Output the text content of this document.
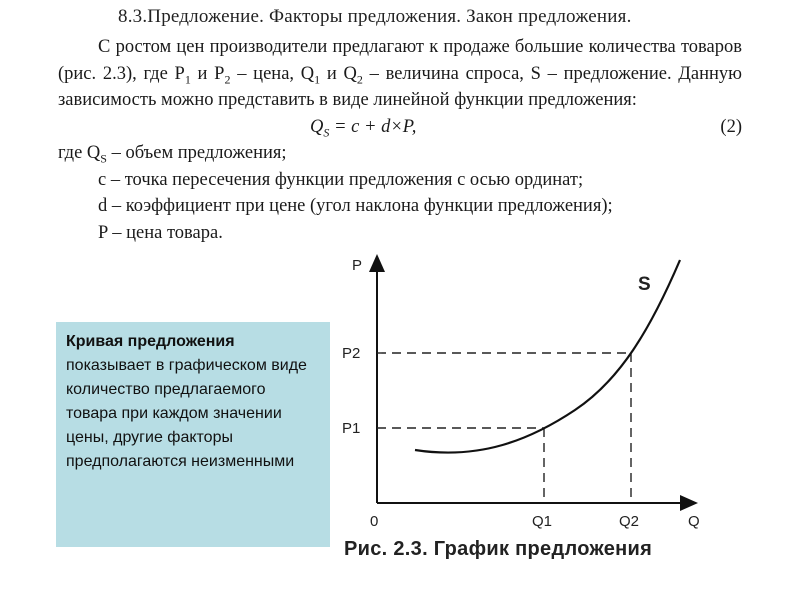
8.3.Предложение. Факторы предложения. Закон предложения.
С ростом цен производители предлагают к продаже большие количества товаров (рис. 2.3), где $P_1$ и $P_2$ – цена, $Q_1$ и $Q_2$ – величина спроса, S – предложение. Данную зависимость можно представить в виде линейной функции предложения:
$Q_S = c + d\times P$,	(2)
где $Q_S$ – объем предложения;
c – точка пересечения функции предложения с осью ординат;
d – коэффициент при цене (угол наклона функции предложения);
P – цена товара.
Кривая предложения показывает в графическом виде количество предлагаемого товара при каждом значении цены, другие факторы предполагаются неизменными
P
P2
P1
0	Q1	Q2	Q
S
Рис. 2.3. График предложения
